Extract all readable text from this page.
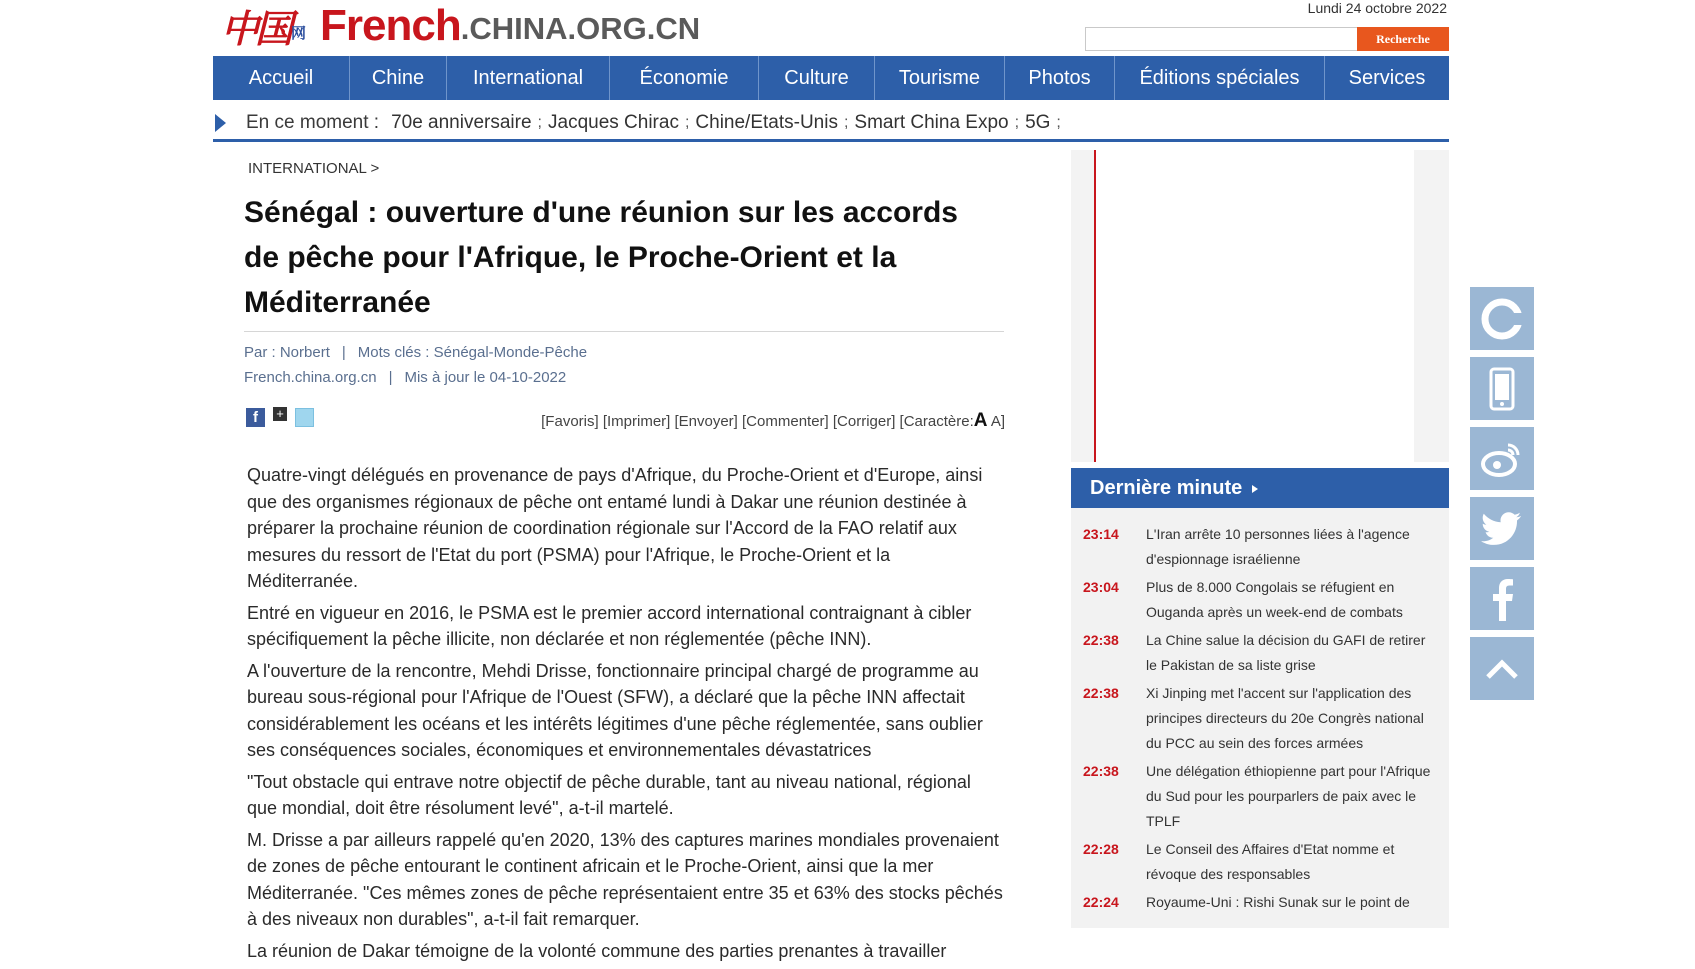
中国 网 French .CHINA.ORG.CN
Lundi 24 octobre 2022
Recherche
Accueil	Chine	International	Économie	Culture	Tourisme	Photos	Éditions spéciales	Services
En ce moment : 70e anniversaire ; Jacques Chirac ; Chine/Etats-Unis ; Smart China Expo ; 5G ;
INTERNATIONAL >
Sénégal : ouverture d'une réunion sur les accords de pêche pour l'Afrique, le Proche-Orient et la Méditerranée
Par : Norbert | Mots clés : Sénégal-Monde-Pêche
French.china.org.cn | Mis à jour le 04-10-2022
f	+	[Favoris] [Imprimer] [Envoyer] [Commenter] [Corriger] [Caractère:A A]

Quatre-vingt délégués en provenance de pays d'Afrique, du Proche-Orient et d'Europe, ainsi que des organismes régionaux de pêche ont entamé lundi à Dakar une réunion destinée à préparer la prochaine réunion de coordination régionale sur l'Accord de la FAO relatif aux mesures du ressort de l'Etat du port (PSMA) pour l'Afrique, le Proche-Orient et la Méditerranée.

Entré en vigueur en 2016, le PSMA est le premier accord international contraignant à cibler spécifiquement la pêche illicite, non déclarée et non réglementée (pêche INN).

A l'ouverture de la rencontre, Mehdi Drisse, fonctionnaire principal chargé de programme au bureau sous-régional pour l'Afrique de l'Ouest (SFW), a déclaré que la pêche INN affectait considérablement les océans et les intérêts légitimes d'une pêche réglementée, sans oublier ses conséquences sociales, économiques et environnementales dévastatrices

"Tout obstacle qui entrave notre objectif de pêche durable, tant au niveau national, régional que mondial, doit être résolument levé", a-t-il martelé.

M. Drisse a par ailleurs rappelé qu'en 2020, 13% des captures marines mondiales provenaient de zones de pêche entourant le continent africain et le Proche-Orient, ainsi que la mer Méditerranée. "Ces mêmes zones de pêche représentaient entre 35 et 63% des stocks pêchés à des niveaux non durables", a-t-il fait remarquer.

La réunion de Dakar témoigne de la volonté commune des parties prenantes à travailler

Dernière minute
23:14	L'Iran arrête 10 personnes liées à l'agence d'espionnage israélienne
23:04	Plus de 8.000 Congolais se réfugient en Ouganda après un week-end de combats
22:38	La Chine salue la décision du GAFI de retirer le Pakistan de sa liste grise
22:38	Xi Jinping met l'accent sur l'application des principes directeurs du 20e Congrès national du PCC au sein des forces armées
22:38	Une délégation éthiopienne part pour l'Afrique du Sud pour les pourparlers de paix avec le TPLF
22:28	Le Conseil des Affaires d'Etat nomme et révoque des responsables
22:24	Royaume-Uni : Rishi Sunak sur le point de
